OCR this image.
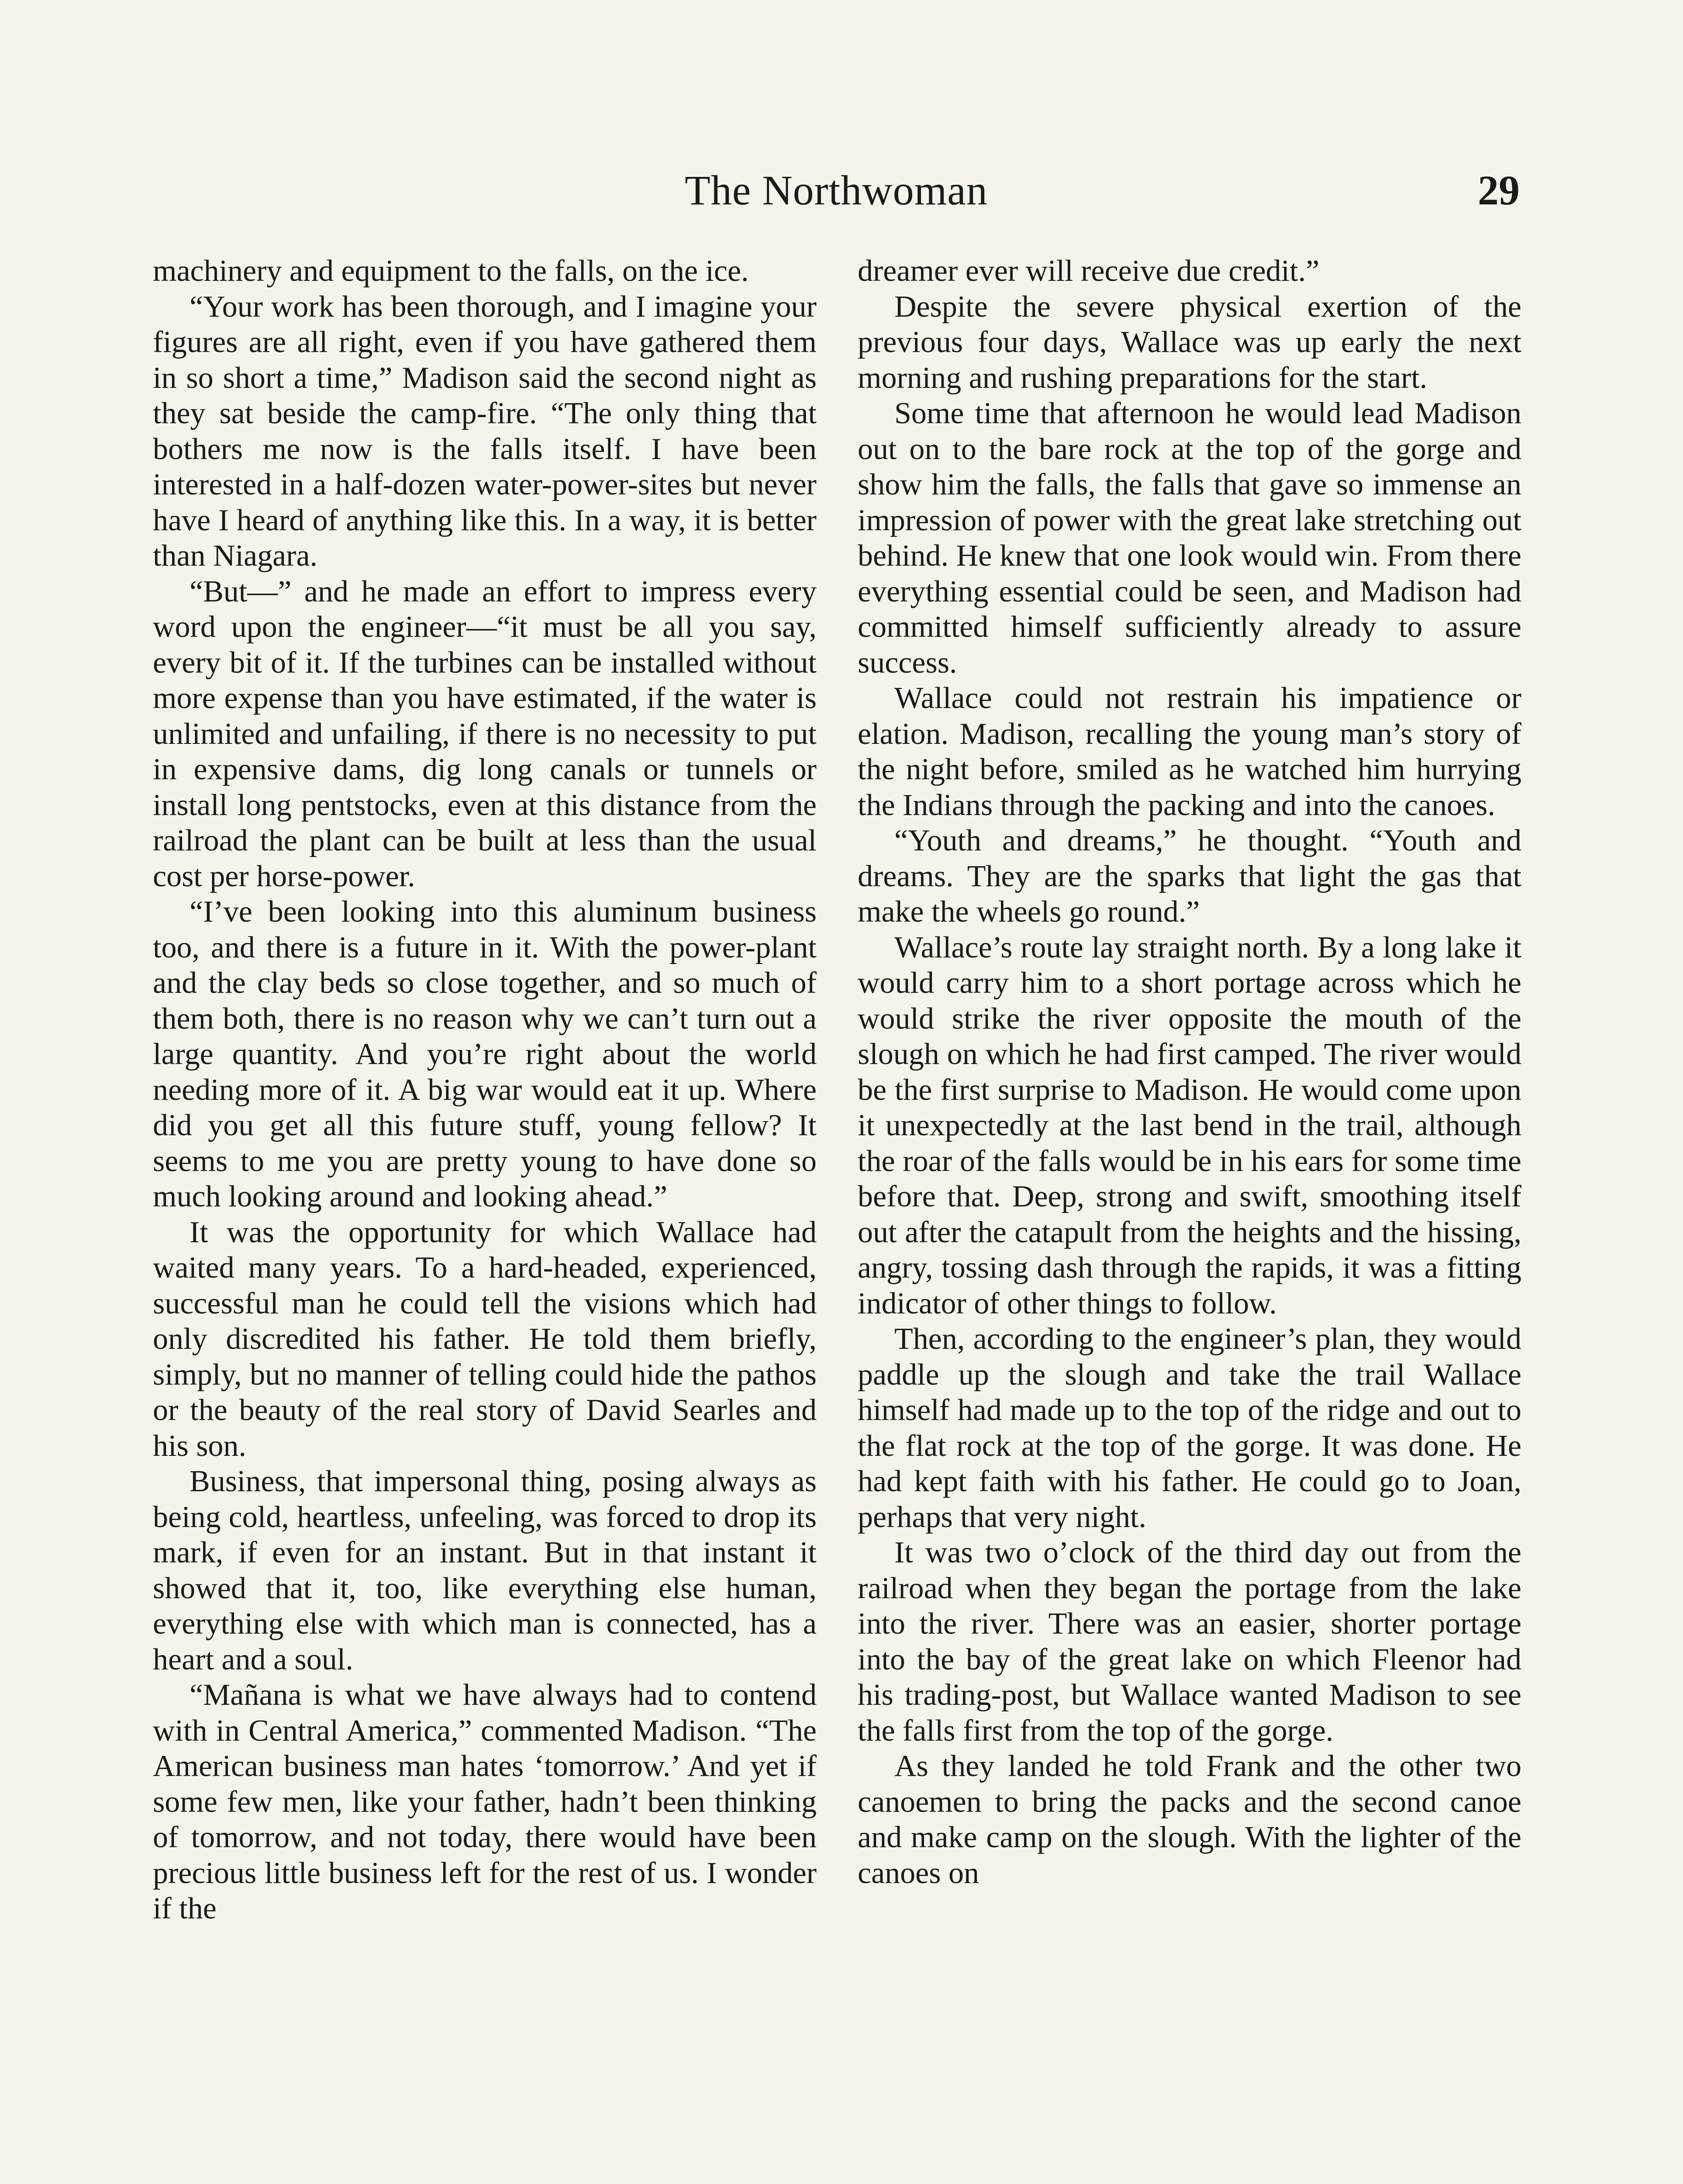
The Northwoman	29

machinery and equipment to the falls, on the ice.

“Your work has been thorough, and I imagine your figures are all right, even if you have gathered them in so short a time,” Madison said the second night as they sat beside the camp-fire. “The only thing that bothers me now is the falls itself. I have been interested in a half-dozen water-power-sites but never have I heard of anything like this. In a way, it is better than Niagara.

“But—” and he made an effort to impress every word upon the engineer—“it must be all you say, every bit of it. If the turbines can be installed without more expense than you have estimated, if the water is unlimited and unfailing, if there is no necessity to put in expensive dams, dig long canals or tunnels or install long pentstocks, even at this distance from the railroad the plant can be built at less than the usual cost per horse-power.

“I’ve been looking into this aluminum business too, and there is a future in it. With the power-plant and the clay beds so close together, and so much of them both, there is no reason why we can’t turn out a large quantity. And you’re right about the world needing more of it. A big war would eat it up. Where did you get all this future stuff, young fellow? It seems to me you are pretty young to have done so much looking around and looking ahead.”

It was the opportunity for which Wallace had waited many years. To a hard-headed, experienced, successful man he could tell the visions which had only discredited his father. He told them briefly, simply, but no manner of telling could hide the pathos or the beauty of the real story of David Searles and his son.

Business, that impersonal thing, posing always as being cold, heartless, unfeeling, was forced to drop its mark, if even for an instant. But in that instant it showed that it, too, like everything else human, everything else with which man is connected, has a heart and a soul.

“Mañana is what we have always had to contend with in Central America,” commented Madison. “The American business man hates ‘tomorrow.’ And yet if some few men, like your father, hadn’t been thinking of tomorrow, and not today, there would have been precious little business left for the rest of us. I wonder if the

dreamer ever will receive due credit.”

Despite the severe physical exertion of the previous four days, Wallace was up early the next morning and rushing preparations for the start.

Some time that afternoon he would lead Madison out on to the bare rock at the top of the gorge and show him the falls, the falls that gave so immense an impression of power with the great lake stretching out behind. He knew that one look would win. From there everything essential could be seen, and Madison had committed himself sufficiently already to assure success.

Wallace could not restrain his impatience or elation. Madison, recalling the young man’s story of the night before, smiled as he watched him hurrying the Indians through the packing and into the canoes.

“Youth and dreams,” he thought. “Youth and dreams. They are the sparks that light the gas that make the wheels go round.”

Wallace’s route lay straight north. By a long lake it would carry him to a short portage across which he would strike the river opposite the mouth of the slough on which he had first camped. The river would be the first surprise to Madison. He would come upon it unexpectedly at the last bend in the trail, although the roar of the falls would be in his ears for some time before that. Deep, strong and swift, smoothing itself out after the catapult from the heights and the hissing, angry, tossing dash through the rapids, it was a fitting indicator of other things to follow.

Then, according to the engineer’s plan, they would paddle up the slough and take the trail Wallace himself had made up to the top of the ridge and out to the flat rock at the top of the gorge. It was done. He had kept faith with his father. He could go to Joan, perhaps that very night.

It was two o’clock of the third day out from the railroad when they began the portage from the lake into the river. There was an easier, shorter portage into the bay of the great lake on which Fleenor had his trading-post, but Wallace wanted Madison to see the falls first from the top of the gorge.

As they landed he told Frank and the other two canoemen to bring the packs and the second canoe and make camp on the slough. With the lighter of the canoes on
